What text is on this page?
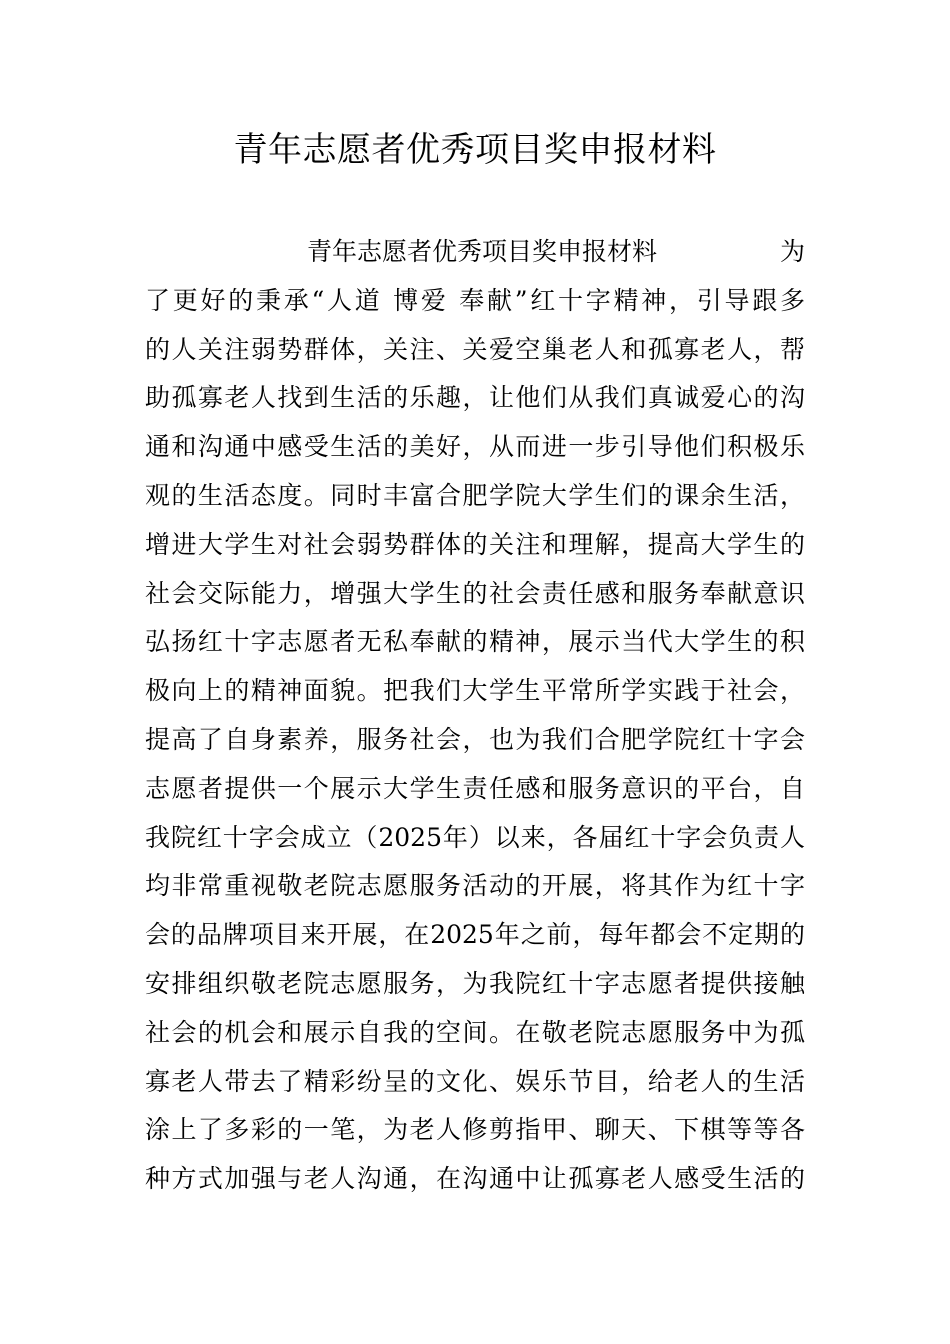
青年志愿者优秀项目奖申报材料
青年志愿者优秀项目奖申报材料	为
了更好的秉承“人道 博爱 奉献”红十字精神，引导跟多
的人关注弱势群体，关注、关爱空巢老人和孤寡老人，帮
助孤寡老人找到生活的乐趣，让他们从我们真诚爱心的沟
通和沟通中感受生活的美好，从而进一步引导他们积极乐
观的生活态度。同时丰富合肥学院大学生们的课余生活，
增进大学生对社会弱势群体的关注和理解，提高大学生的
社会交际能力，增强大学生的社会责任感和服务奉献意识
弘扬红十字志愿者无私奉献的精神，展示当代大学生的积
极向上的精神面貌。把我们大学生平常所学实践于社会，
提高了自身素养，服务社会，也为我们合肥学院红十字会
志愿者提供一个展示大学生责任感和服务意识的平台，自
我院红十字会成立（2025年）以来，各届红十字会负责人
均非常重视敬老院志愿服务活动的开展，将其作为红十字
会的品牌项目来开展，在2025年之前，每年都会不定期的
安排组织敬老院志愿服务，为我院红十字志愿者提供接触
社会的机会和展示自我的空间。在敬老院志愿服务中为孤
寡老人带去了精彩纷呈的文化、娱乐节目，给老人的生活
涂上了多彩的一笔，为老人修剪指甲、聊天、下棋等等各
种方式加强与老人沟通，在沟通中让孤寡老人感受生活的
